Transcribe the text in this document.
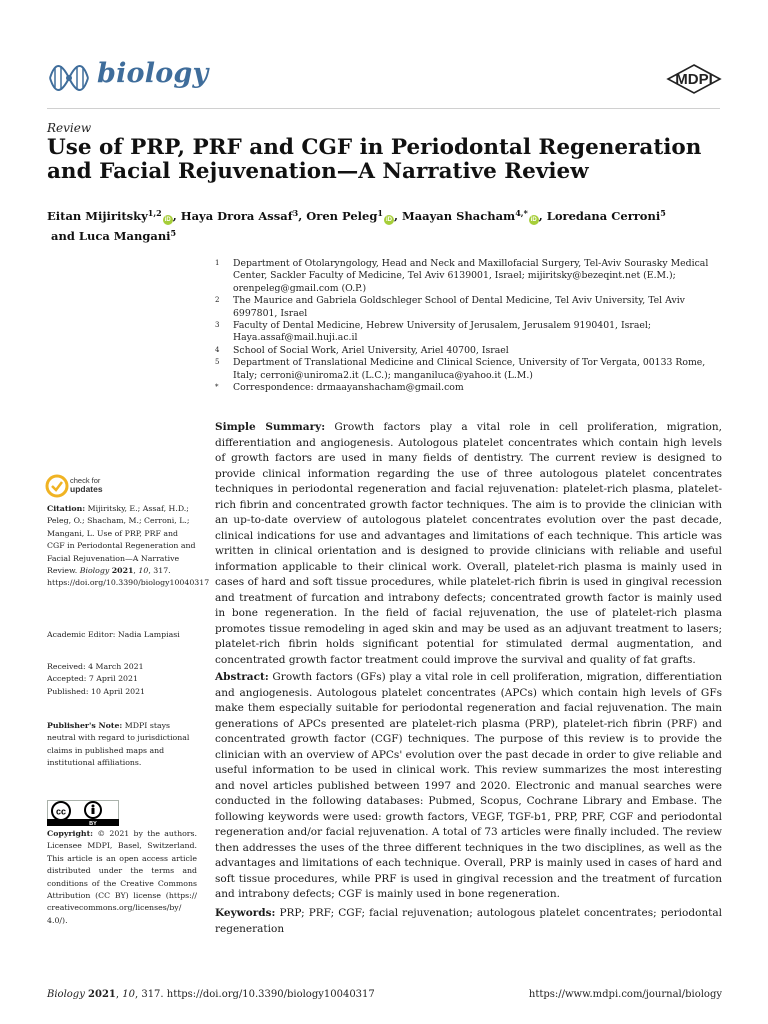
biology	MDPI
Review
Use of PRP, PRF and CGF in Periodontal Regeneration and Facial Rejuvenation—A Narrative Review
Eitan Mijiritsky$^{1,2}$iD , Haya Drora Assaf$^3$, Oren Peleg$^1$iD , Maayan Shacham$^{4,*}$iD , Loredana Cerroni$^5$ and Luca Mangani$^5$
1	Department of Otolaryngology, Head and Neck and Maxillofacial Surgery, Tel-Aviv Sourasky Medical Center, Sackler Faculty of Medicine, Tel Aviv 6139001, Israel; mijiritsky@bezeqint.net (E.M.); orenpeleg@gmail.com (O.P.)
2	The Maurice and Gabriela Goldschleger School of Dental Medicine, Tel Aviv University, Tel Aviv 6997801, Israel
3	Faculty of Dental Medicine, Hebrew University of Jerusalem, Jerusalem 9190401, Israel; Haya.assaf@mail.huji.ac.il
4	School of Social Work, Ariel University, Ariel 40700, Israel
5	Department of Translational Medicine and Clinical Science, University of Tor Vergata, 00133 Rome, Italy; cerroni@uniroma2.it (L.C.); manganiluca@yahoo.it (L.M.)
*	Correspondence: drmaayanshacham@gmail.com
Simple Summary: Growth factors play a vital role in cell proliferation, migration, differentiation and angiogenesis. Autologous platelet concentrates which contain high levels of growth factors are used in many fields of dentistry. The current review is designed to provide clinical information regarding the use of three autologous platelet concentrates techniques in periodontal regeneration and facial rejuvenation: platelet-rich plasma, platelet-rich fibrin and concentrated growth factor techniques. The aim is to provide the clinician with an up-to-date overview of autologous platelet concentrates evolution over the past decade, clinical indications for use and advantages and limitations of each technique. This article was written in clinical orientation and is designed to provide clinicians with reliable and useful information applicable to their clinical work. Overall, platelet-rich plasma is mainly used in cases of hard and soft tissue procedures, while platelet-rich fibrin is used in gingival recession and treatment of furcation and intrabony defects; concentrated growth factor is mainly used in bone regeneration. In the field of facial rejuvenation, the use of platelet-rich plasma promotes tissue remodeling in aged skin and may be used as an adjuvant treatment to lasers; platelet-rich fibrin holds significant potential for stimulated dermal augmentation, and concentrated growth factor treatment could improve the survival and quality of fat grafts.
Abstract: Growth factors (GFs) play a vital role in cell proliferation, migration, differentiation and angiogenesis. Autologous platelet concentrates (APCs) which contain high levels of GFs make them especially suitable for periodontal regeneration and facial rejuvenation. The main generations of APCs presented are platelet-rich plasma (PRP), platelet-rich fibrin (PRF) and concentrated growth factor (CGF) techniques. The purpose of this review is to provide the clinician with an overview of APCs' evolution over the past decade in order to give reliable and useful information to be used in clinical work. This review summarizes the most interesting and novel articles published between 1997 and 2020. Electronic and manual searches were conducted in the following databases: Pubmed, Scopus, Cochrane Library and Embase. The following keywords were used: growth factors, VEGF, TGF-b1, PRP, PRF, CGF and periodontal regeneration and/or facial rejuvenation. A total of 73 articles were finally included. The review then addresses the uses of the three different techniques in the two disciplines, as well as the advantages and limitations of each technique. Overall, PRP is mainly used in cases of hard and soft tissue procedures, while PRF is used in gingival recession and the treatment of furcation and intrabony defects; CGF is mainly used in bone regeneration.
Keywords: PRP; PRF; CGF; facial rejuvenation; autologous platelet concentrates; periodontal regeneration
check for
updates
Citation: Mijiritsky, E.; Assaf, H.D.; Peleg, O.; Shacham, M.; Cerroni, L.; Mangani, L. Use of PRP, PRF and CGF in Periodontal Regeneration and Facial Rejuvenation—A Narrative Review. Biology 2021, 10, 317. https://doi.org/10.3390/biology10040317
Academic Editor: Nadia Lampiasi
Received: 4 March 2021
Accepted: 7 April 2021
Published: 10 April 2021
Publisher's Note: MDPI stays neutral with regard to jurisdictional claims in published maps and institutional affiliations.
cc
BY
Copyright: © 2021 by the authors. Licensee MDPI, Basel, Switzerland. This article is an open access article distributed under the terms and conditions of the Creative Commons Attribution (CC BY) license (https:// creativecommons.org/licenses/by/ 4.0/).
Biology 2021, 10, 317. https://doi.org/10.3390/biology10040317	https://www.mdpi.com/journal/biology
